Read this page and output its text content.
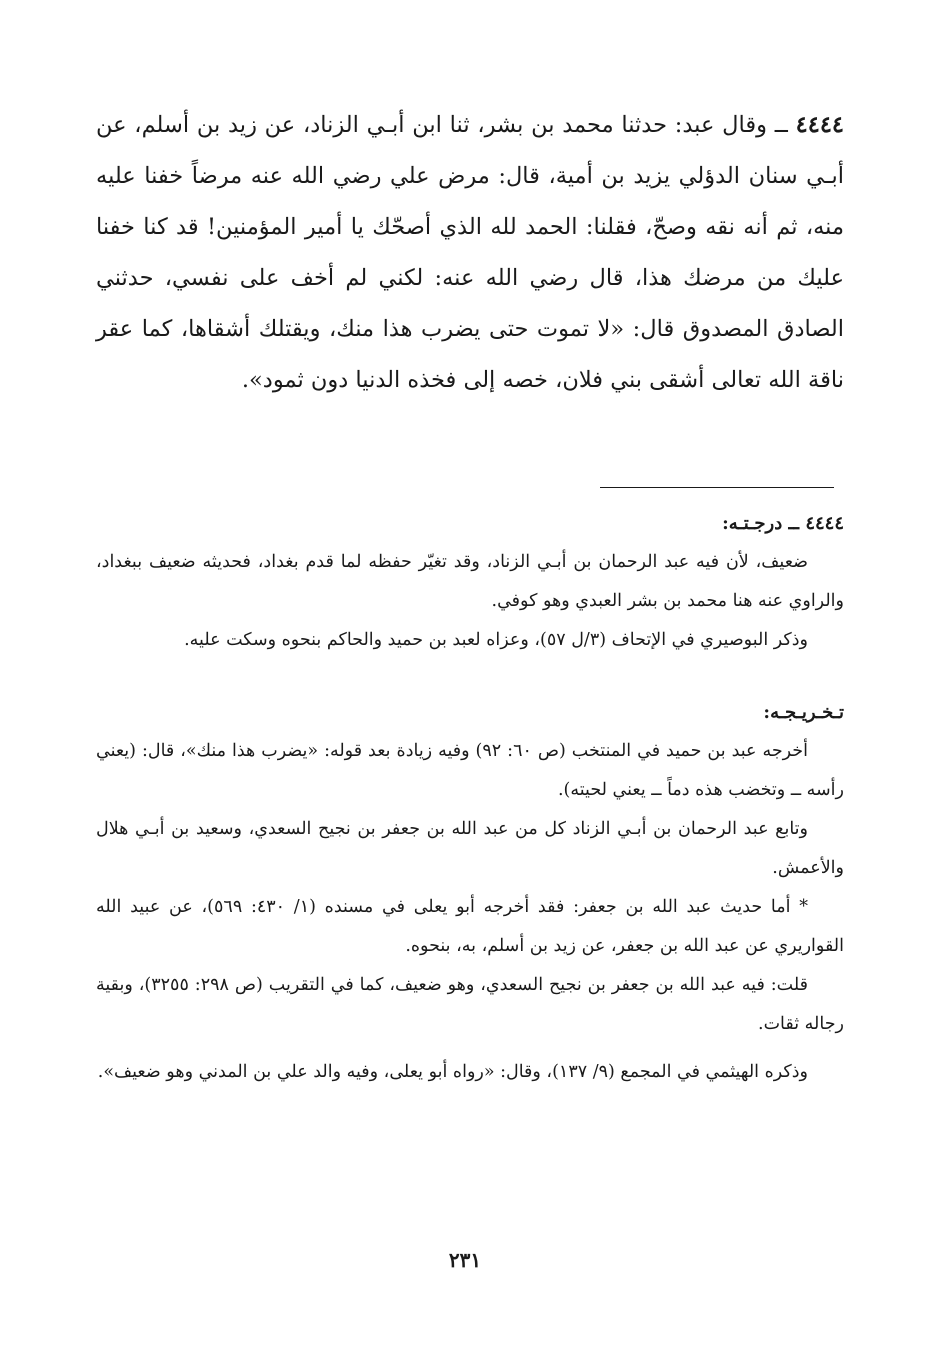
٤٤٤٤ ــ وقال عبد: حدثنا محمد بن بشر، ثنا ابن أبـي الزناد، عن زيد بن أسلم، عن أبـي سنان الدؤلي يزيد بن أمية، قال: مرض علي رضي الله عنه مرضاً خفنا عليه منه، ثم أنه نقه وصحّ، فقلنا: الحمد لله الذي أصحّك يا أمير المؤمنين! قد كنا خفنا عليك من مرضك هذا، قال رضي الله عنه: لكني لم أخف على نفسي، حدثني الصادق المصدوق قال: «لا تموت حتى يضرب هذا منك، ويقتلك أشقاها، كما عقر ناقة الله تعالى أشقى بني فلان، خصه إلى فخذه الدنيا دون ثمود».

٤٤٤٤ ــ درجـتـه:

ضعيف، لأن فيه عبد الرحمان بن أبـي الزناد، وقد تغيّر حفظه لما قدم بغداد، فحديثه ضعيف ببغداد، والراوي عنه هنا محمد بن بشر العبدي وهو كوفي.

وذكر البوصيري في الإتحاف (٣/ل ٥٧)، وعزاه لعبد بن حميد والحاكم بنحوه وسكت عليه.

تـخـريـجـه:

أخرجه عبد بن حميد في المنتخب (ص ٦٠: ٩٢) وفيه زيادة بعد قوله: «يضرب هذا منك»، قال: (يعني رأسه ــ وتخضب هذه دماً ــ يعني لحيته).

وتابع عبد الرحمان بن أبـي الزناد كل من عبد الله بن جعفر بن نجيح السعدي، وسعيد بن أبـي هلال والأعمش.

* أما حديث عبد الله بن جعفر: فقد أخرجه أبو يعلى في مسنده (١/ ٤٣٠: ٥٦٩)، عن عبيد الله القواريري عن عبد الله بن جعفر، عن زيد بن أسلم، به، بنحوه.

قلت: فيه عبد الله بن جعفر بن نجيح السعدي، وهو ضعيف، كما في التقريب (ص ٢٩٨: ٣٢٥٥)، وبقية رجاله ثقات.

وذكره الهيثمي في المجمع (٩/ ١٣٧)، وقال: «رواه أبو يعلى، وفيه والد علي بن المدني وهو ضعيف».

٢٣١
